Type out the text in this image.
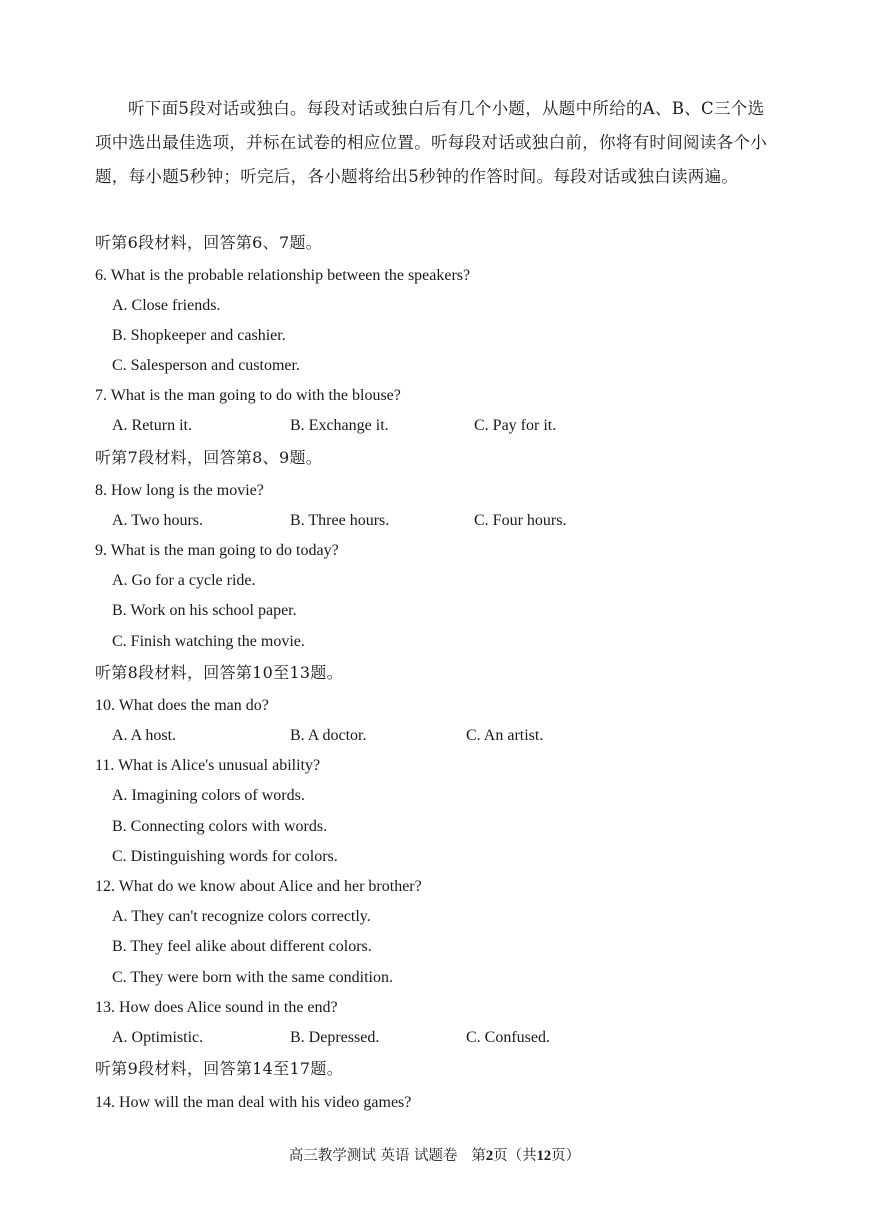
听下面5段对话或独白。每段对话或独白后有几个小题，从题中所给的A、B、C三个选项中选出最佳选项，并标在试卷的相应位置。听每段对话或独白前，你将有时间阅读各个小题，每小题5秒钟；听完后，各小题将给出5秒钟的作答时间。每段对话或独白读两遍。

听第6段材料，回答第6、7题。
6. What is the probable relationship between the speakers?
A. Close friends.
B. Shopkeeper and cashier.
C. Salesperson and customer.
7. What is the man going to do with the blouse?
A. Return it.	B. Exchange it.	C. Pay for it.
听第7段材料，回答第8、9题。
8. How long is the movie?
A. Two hours.	B. Three hours.	C. Four hours.
9. What is the man going to do today?
A. Go for a cycle ride.
B. Work on his school paper.
C. Finish watching the movie.
听第8段材料，回答第10至13题。
10. What does the man do?
A. A host.	B. A doctor.	C. An artist.
11. What is Alice's unusual ability?
A. Imagining colors of words.
B. Connecting colors with words.
C. Distinguishing words for colors.
12. What do we know about Alice and her brother?
A. They can't recognize colors correctly.
B. They feel alike about different colors.
C. They were born with the same condition.
13. How does Alice sound in the end?
A. Optimistic.	B. Depressed.	C. Confused.
听第9段材料，回答第14至17题。
14. How will the man deal with his video games?
高三教学测试 英语 试题卷 第2页（共12页）
